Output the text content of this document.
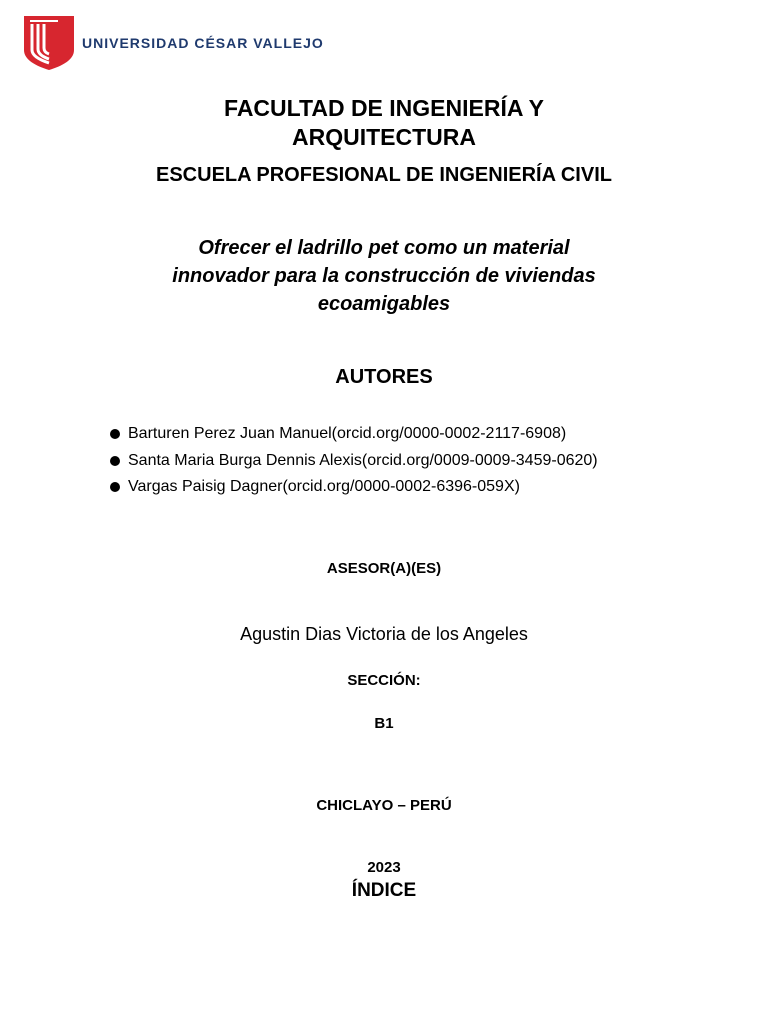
UNIVERSIDAD CÉSAR VALLEJO
FACULTAD DE INGENIERÍA Y
ARQUITECTURA
ESCUELA PROFESIONAL DE INGENIERÍA CIVIL
Ofrecer el ladrillo pet como un material
innovador para la construcción de viviendas
ecoamigables
AUTORES
Barturen Perez Juan Manuel(orcid.org/0000-0002-2117-6908)
Santa Maria Burga Dennis Alexis(orcid.org/0009-0009-3459-0620)
Vargas Paisig Dagner(orcid.org/0000-0002-6396-059X)
ASESOR(A)(ES)
Agustin Dias Victoria de los Angeles
SECCIÓN:
B1
CHICLAYO – PERÚ
2023
ÍNDICE
